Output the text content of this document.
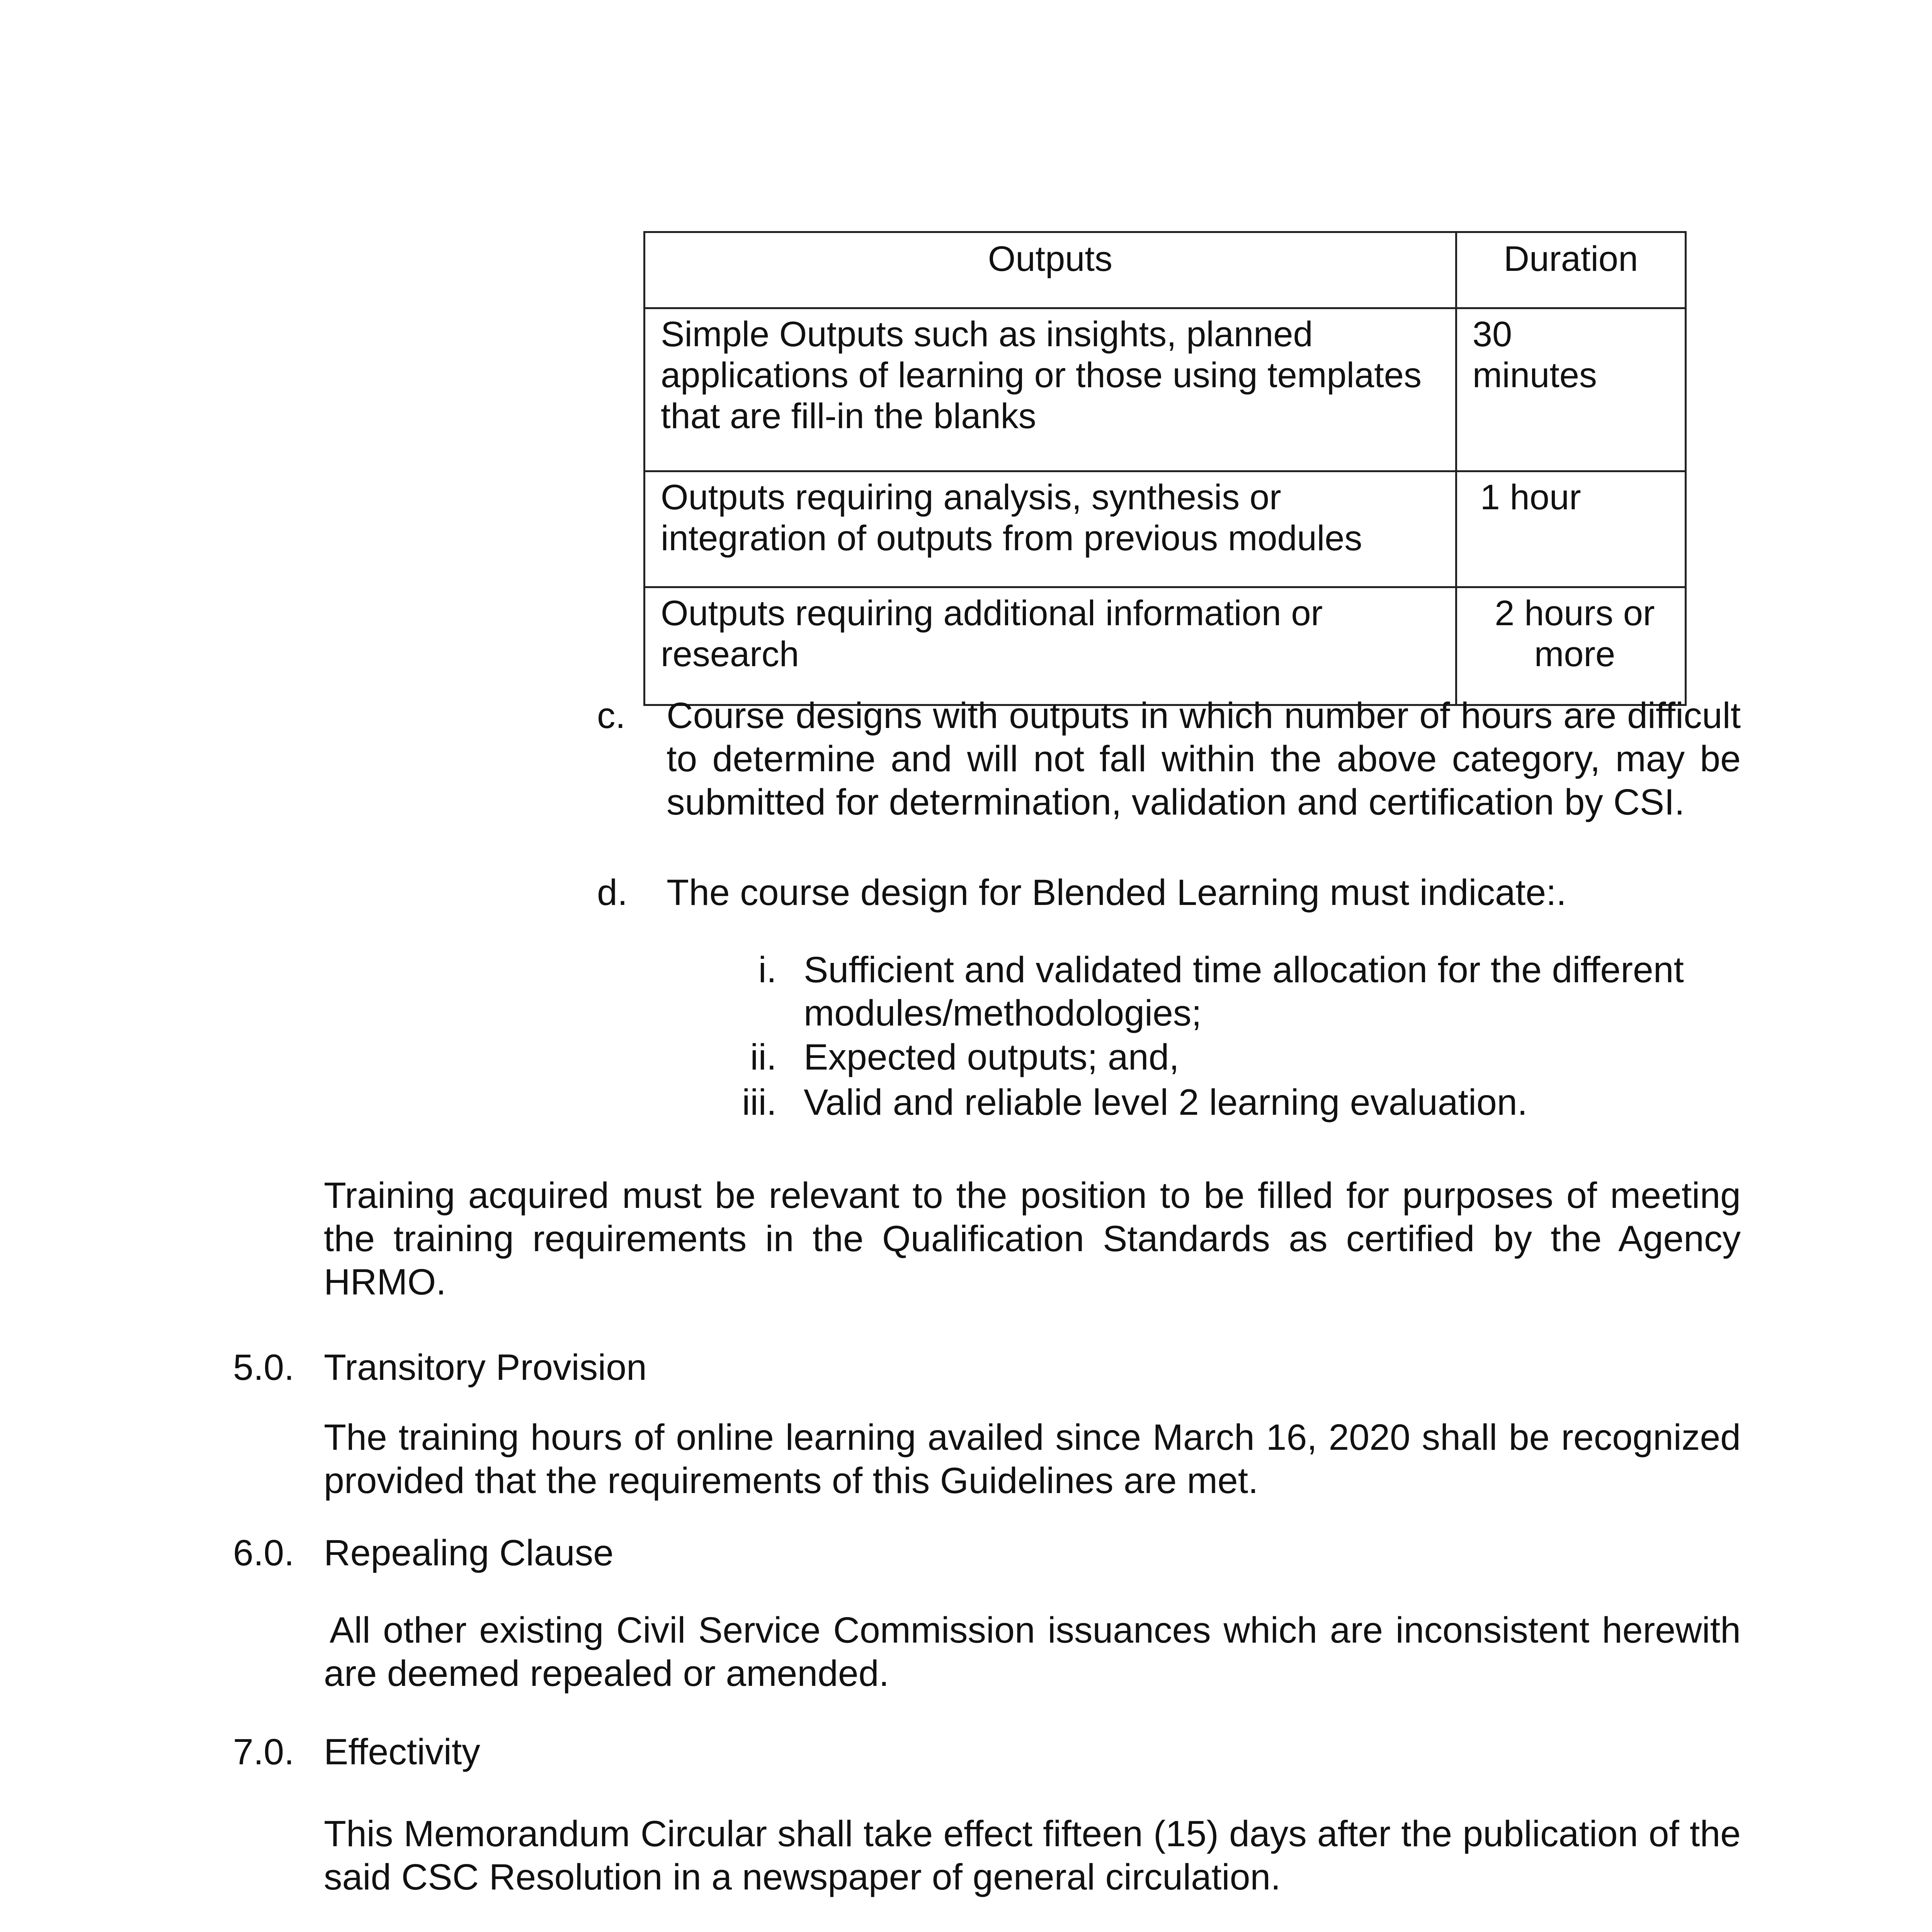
Outputs	Duration
Simple Outputs such as insights, planned applications of learning or those using templates that are fill-in the blanks	30 minutes
Outputs requiring analysis, synthesis or integration of outputs from previous modules	1 hour
Outputs requiring additional information or research	2 hours or more
c. Course designs with outputs in which number of hours are difficult to determine and will not fall within the above category, may be submitted for determination, validation and certification by CSI.
d. The course design for Blended Learning must indicate:.
i. Sufficient and validated time allocation for the different modules/methodologies;
ii. Expected outputs; and,
iii. Valid and reliable level 2 learning evaluation.
Training acquired must be relevant to the position to be filled for purposes of meeting the training requirements in the Qualification Standards as certified by the Agency HRMO.
5.0. Transitory Provision
The training hours of online learning availed since March 16, 2020 shall be recognized provided that the requirements of this Guidelines are met.
6.0. Repealing Clause
All other existing Civil Service Commission issuances which are inconsistent herewith are deemed repealed or amended.
7.0. Effectivity
This Memorandum Circular shall take effect fifteen (15) days after the publication of the said CSC Resolution in a newspaper of general circulation.
